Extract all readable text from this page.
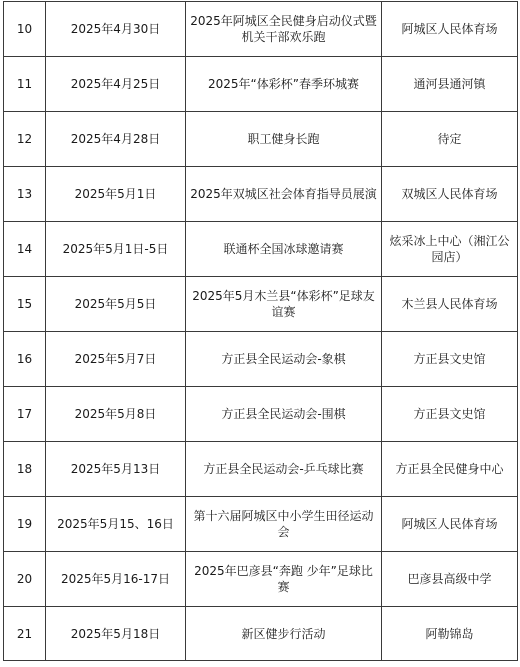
10	2025年4月30日	2025年阿城区全民健身启动仪式暨机关干部欢乐跑	阿城区人民体育场

11	2025年4月25日	2025年“体彩杯”春季环城赛	通河县通河镇

12	2025年4月28日	职工健身长跑	待定

13	2025年5月1日	2025年双城区社会体育指导员展演	双城区人民体育场

14	2025年5月1日-5日	联通杯全国冰球邀请赛	炫采冰上中心（湘江公园店）

15	2025年5月5日	2025年5月木兰县“体彩杯”足球友谊赛	木兰县人民体育场

16	2025年5月7日	方正县全民运动会-象棋	方正县文史馆

17	2025年5月8日	方正县全民运动会-围棋	方正县文史馆

18	2025年5月13日	方正县全民运动会-乒乓球比赛	方正县全民健身中心

19	2025年5月15、16日	第十六届阿城区中小学生田径运动会	阿城区人民体育场

20	2025年5月16-17日	2025年巴彦县“奔跑 少年”足球比赛	巴彦县高级中学

21	2025年5月18日	新区健步行活动	阿勒锦岛
